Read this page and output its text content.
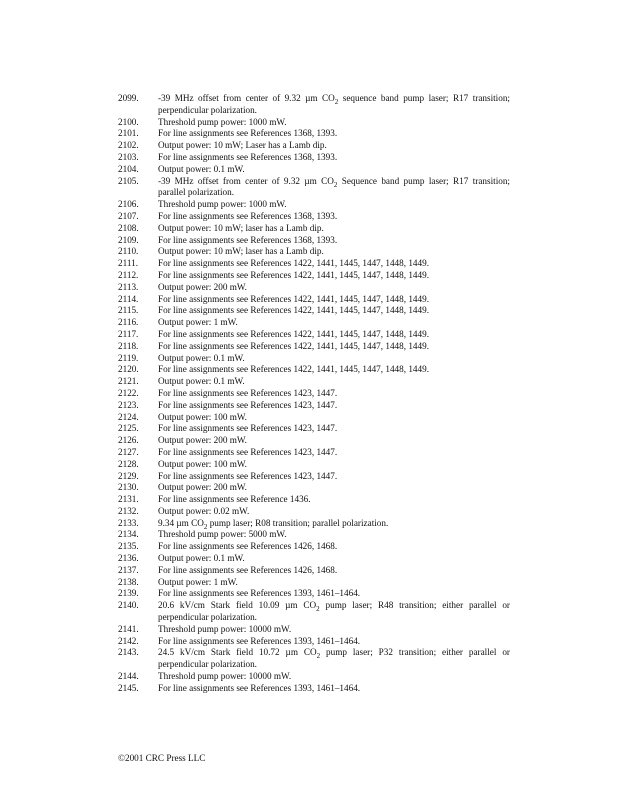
2099.	-39 MHz offset from center of 9.32 µm $CO_2$ sequence band pump laser; R17 transition; perpendicular polarization.
2100.	Threshold pump power: 1000 mW.
2101.	For line assignments see References 1368, 1393.
2102.	Output power: 10 mW; Laser has a Lamb dip.
2103.	For line assignments see References 1368, 1393.
2104.	Output power: 0.1 mW.
2105.	-39 MHz offset from center of 9.32 µm $CO_2$ Sequence band pump laser; R17 transition; parallel polarization.
2106.	Threshold pump power: 1000 mW.
2107.	For line assignments see References 1368, 1393.
2108.	Output power: 10 mW; laser has a Lamb dip.
2109.	For line assignments see References 1368, 1393.
2110.	Output power: 10 mW; laser has a Lamb dip.
2111.	For line assignments see References 1422, 1441, 1445, 1447, 1448, 1449.
2112.	For line assignments see References 1422, 1441, 1445, 1447, 1448, 1449.
2113.	Output power: 200 mW.
2114.	For line assignments see References 1422, 1441, 1445, 1447, 1448, 1449.
2115.	For line assignments see References 1422, 1441, 1445, 1447, 1448, 1449.
2116.	Output power: 1 mW.
2117.	For line assignments see References 1422, 1441, 1445, 1447, 1448, 1449.
2118.	For line assignments see References 1422, 1441, 1445, 1447, 1448, 1449.
2119.	Output power: 0.1 mW.
2120.	For line assignments see References 1422, 1441, 1445, 1447, 1448, 1449.
2121.	Output power: 0.1 mW.
2122.	For line assignments see References 1423, 1447.
2123.	For line assignments see References 1423, 1447.
2124.	Output power: 100 mW.
2125.	For line assignments see References 1423, 1447.
2126.	Output power: 200 mW.
2127.	For line assignments see References 1423, 1447.
2128.	Output power: 100 mW.
2129.	For line assignments see References 1423, 1447.
2130.	Output power: 200 mW.
2131.	For line assignments see Reference 1436.
2132.	Output power: 0.02 mW.
2133.	9.34 µm $CO_2$ pump laser; R08 transition; parallel polarization.
2134.	Threshold pump power: 5000 mW.
2135.	For line assignments see References 1426, 1468.
2136.	Output power: 0.1 mW.
2137.	For line assignments see References 1426, 1468.
2138.	Output power: 1 mW.
2139.	For line assignments see References 1393, 1461–1464.
2140.	20.6 kV/cm Stark field 10.09 µm $CO_2$ pump laser; R48 transition; either parallel or perpendicular polarization.
2141.	Threshold pump power: 10000 mW.
2142.	For line assignments see References 1393, 1461–1464.
2143.	24.5 kV/cm Stark field 10.72 µm $CO_2$ pump laser; P32 transition; either parallel or perpendicular polarization.
2144.	Threshold pump power: 10000 mW.
2145.	For line assignments see References 1393, 1461–1464.
©2001 CRC Press LLC
